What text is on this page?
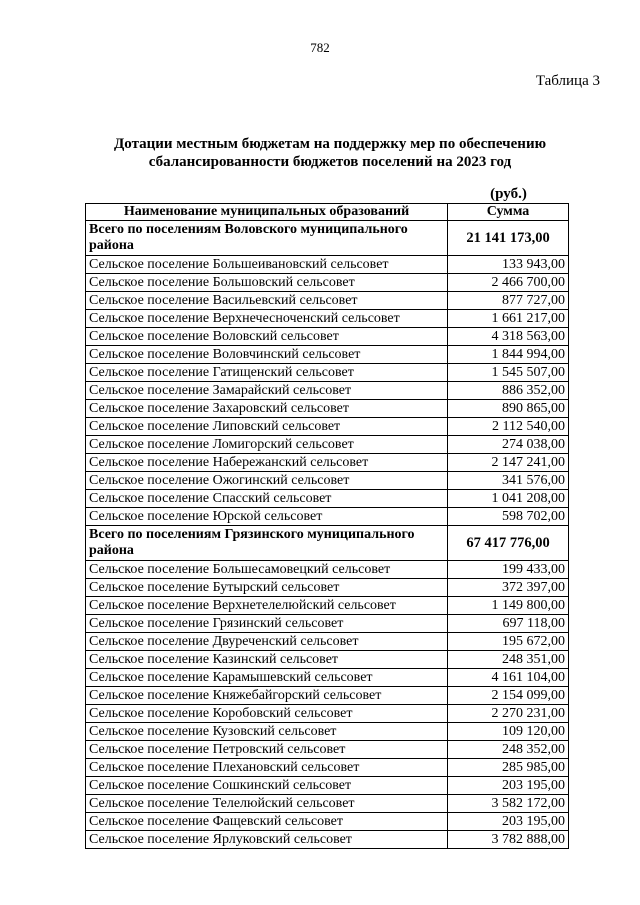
782
Таблица 3
Дотации местным бюджетам на поддержку мер по обеспечению
сбалансированности бюджетов поселений на 2023 год
(руб.)
Наименование муниципальных образований	Сумма
Всего по поселениям Воловского муниципального района	21 141 173,00
Сельское поселение Большеивановский сельсовет	133 943,00
Сельское поселение Большовский сельсовет	2 466 700,00
Сельское поселение Васильевский сельсовет	877 727,00
Сельское поселение Верхнечесноченский сельсовет	1 661 217,00
Сельское поселение Воловский сельсовет	4 318 563,00
Сельское поселение Воловчинский сельсовет	1 844 994,00
Сельское поселение Гатищенский сельсовет	1 545 507,00
Сельское поселение Замарайский сельсовет	886 352,00
Сельское поселение Захаровский сельсовет	890 865,00
Сельское поселение Липовский сельсовет	2 112 540,00
Сельское поселение Ломигорский сельсовет	274 038,00
Сельское поселение Набережанский сельсовет	2 147 241,00
Сельское поселение Ожогинский сельсовет	341 576,00
Сельское поселение Спасский сельсовет	1 041 208,00
Сельское поселение Юрской сельсовет	598 702,00
Всего по поселениям Грязинского муниципального района	67 417 776,00
Сельское поселение Большесамовецкий сельсовет	199 433,00
Сельское поселение Бутырский сельсовет	372 397,00
Сельское поселение Верхнетелелюйский сельсовет	1 149 800,00
Сельское поселение Грязинский сельсовет	697 118,00
Сельское поселение Двуреченский сельсовет	195 672,00
Сельское поселение Казинский сельсовет	248 351,00
Сельское поселение Карамышевский сельсовет	4 161 104,00
Сельское поселение Княжебайгорский сельсовет	2 154 099,00
Сельское поселение Коробовский сельсовет	2 270 231,00
Сельское поселение Кузовский сельсовет	109 120,00
Сельское поселение Петровский сельсовет	248 352,00
Сельское поселение Плехановский сельсовет	285 985,00
Сельское поселение Сошкинский сельсовет	203 195,00
Сельское поселение Телелюйский сельсовет	3 582 172,00
Сельское поселение Фащевский сельсовет	203 195,00
Сельское поселение Ярлуковский сельсовет	3 782 888,00
